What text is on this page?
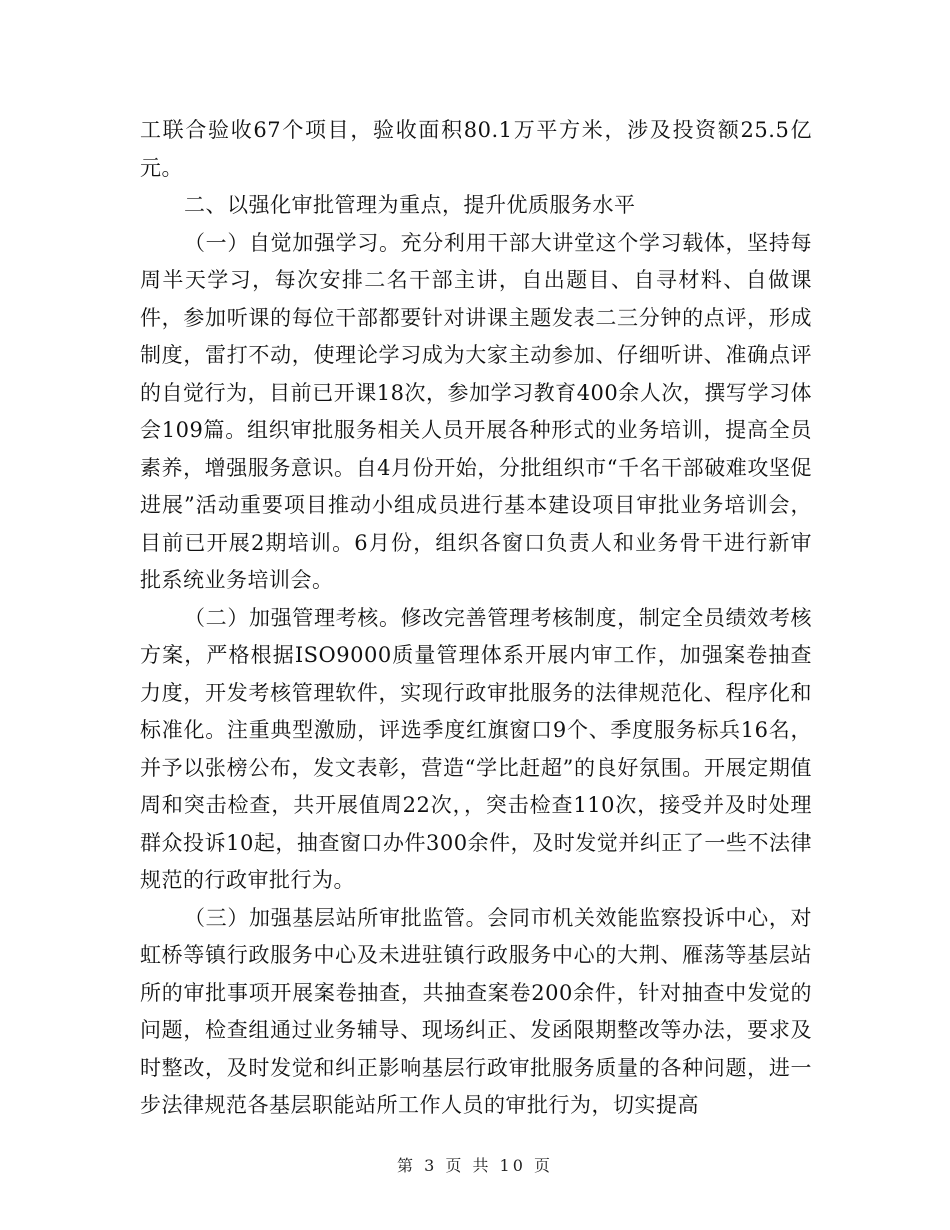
工联合验收67个项目，验收面积80.1万平方米，涉及投资额25.5亿元。

二、以强化审批管理为重点，提升优质服务水平

（一）自觉加强学习。充分利用干部大讲堂这个学习载体，坚持每周半天学习，每次安排二名干部主讲，自出题目、自寻材料、自做课件，参加听课的每位干部都要针对讲课主题发表二三分钟的点评，形成制度，雷打不动，使理论学习成为大家主动参加、仔细听讲、准确点评的自觉行为，目前已开课18次，参加学习教育400余人次，撰写学习体会109篇。组织审批服务相关人员开展各种形式的业务培训，提高全员素养，增强服务意识。自4月份开始，分批组织市“千名干部破难攻坚促进展”活动重要项目推动小组成员进行基本建设项目审批业务培训会，目前已开展2期培训。6月份，组织各窗口负责人和业务骨干进行新审批系统业务培训会。

（二）加强管理考核。修改完善管理考核制度，制定全员绩效考核方案，严格根据ISO9000质量管理体系开展内审工作，加强案卷抽查力度，开发考核管理软件，实现行政审批服务的法律规范化、程序化和标准化。注重典型激励，评选季度红旗窗口9个、季度服务标兵16名，并予以张榜公布，发文表彰，营造“学比赶超”的良好氛围。开展定期值周和突击检查，共开展值周22次，，突击检查110次，接受并及时处理群众投诉10起，抽查窗口办件300余件，及时发觉并纠正了一些不法律规范的行政审批行为。

（三）加强基层站所审批监管。会同市机关效能监察投诉中心，对虹桥等镇行政服务中心及未进驻镇行政服务中心的大荆、雁荡等基层站所的审批事项开展案卷抽查，共抽查案卷200余件，针对抽查中发觉的问题，检查组通过业务辅导、现场纠正、发函限期整改等办法，要求及时整改，及时发觉和纠正影响基层行政审批服务质量的各种问题，进一步法律规范各基层职能站所工作人员的审批行为，切实提高

第 3 页 共 10 页
